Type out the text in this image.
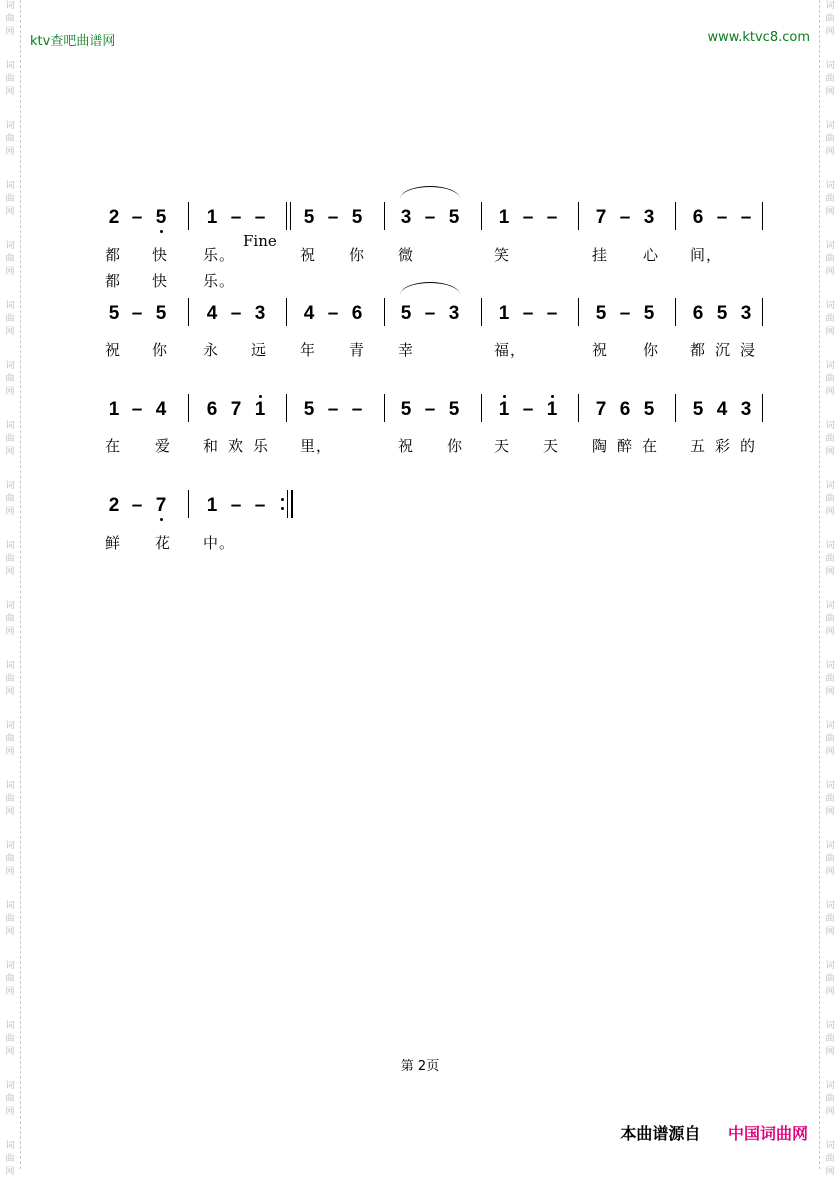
词
曲
网
词
曲
网
词
曲
网
词
曲
网
词
曲
网
词
曲
网
词
曲
网
词
曲
网
词
曲
网
词
曲
网
词
曲
网
词
曲
网
词
曲
网
词
曲
网
词
曲
网
词
曲
网
词
曲
网
词
曲
网
词
曲
网
词
曲
网
词
曲
网
词
曲
网
词
曲
网
词
曲
网
词
曲
网
词
曲
网
词
曲
网
词
曲
网
词
曲
网
词
曲
网
词
曲
网
词
曲
网
词
曲
网
词
曲
网
词
曲
网
词
曲
网
词
曲
网
词
曲
网
词
曲
网
词
曲
网
ktv查吧曲谱网	www.ktvc8.com
2 – 5 1 – – 5 – 5 3 – 5 1 – – 7 – 3 6 – –
都 快 乐。	祝 你 微	笑	挂 心 间，
都 快 乐。
5 – 5 4 – 3 4 – 6 5 – 3 1 – – 5 – 5 6 5 3
祝 你 永 远 年 青 幸	福，	祝 你 都 沉 浸
1 – 4 6 7 1 5 – – 5 – 5 1 – 1 7 6 5 5 4 3
在 爱 和 欢 乐 里，	祝 你 天 天 陶 醉 在 五 彩 的
2 – 7 1 – –
鲜 花 中。
Fine
第 2页
本曲谱源自 中国词曲网
